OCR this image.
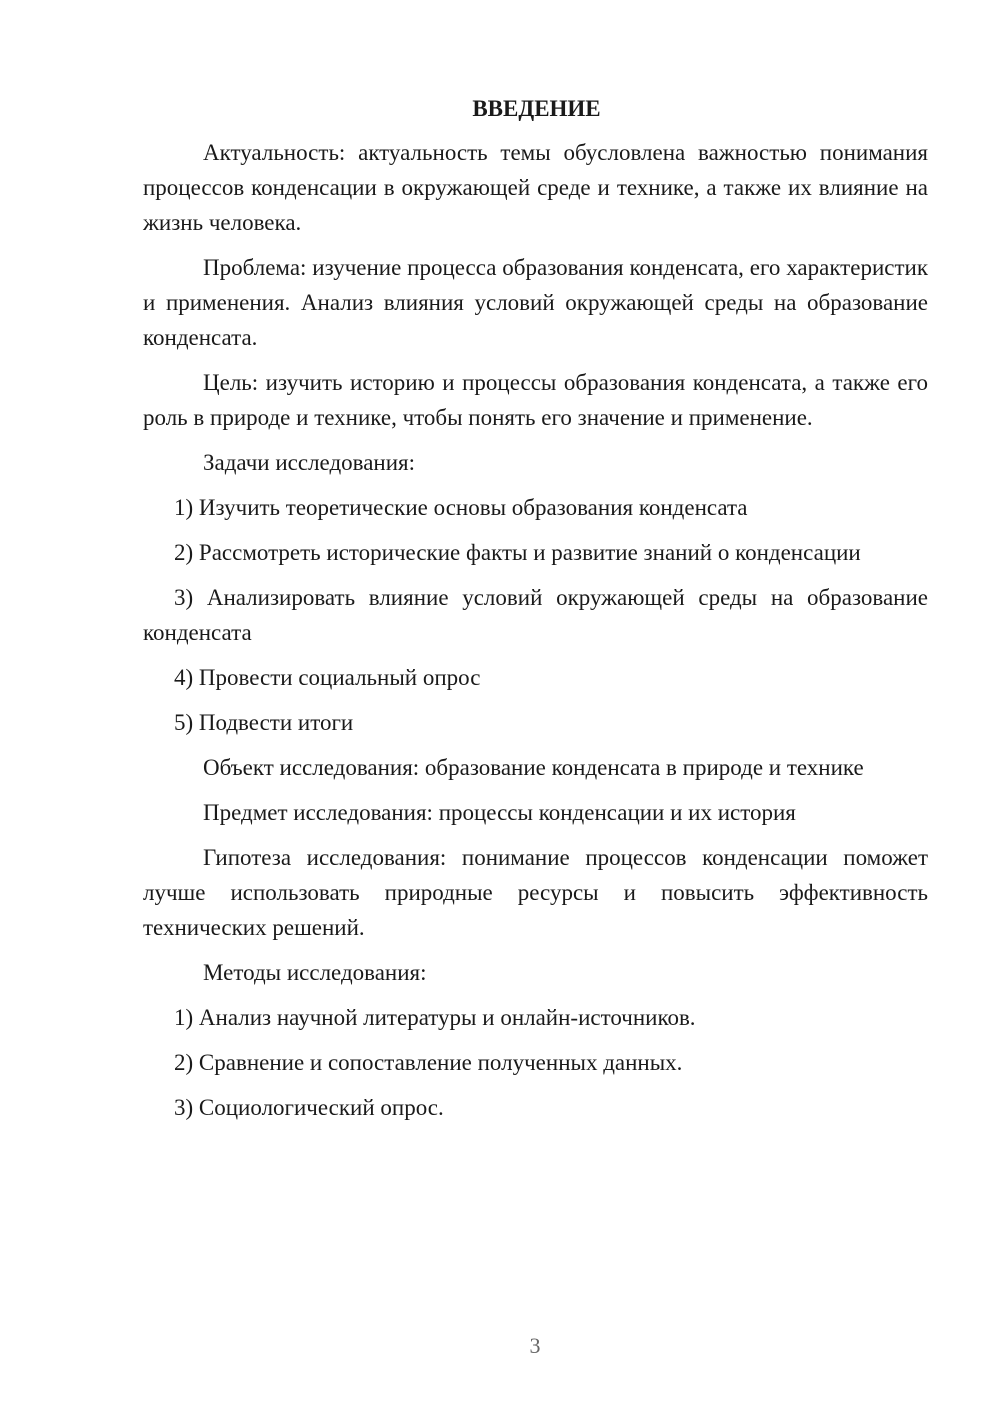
ВВЕДЕНИЕ

Актуальность: актуальность темы обусловлена важностью понимания процессов конденсации в окружающей среде и технике, а также их влияние на жизнь человека.

Проблема: изучение процесса образования конденсата, его характеристик и применения. Анализ влияния условий окружающей среды на образование конденсата.

Цель: изучить историю и процессы образования конденсата, а также его роль в природе и технике, чтобы понять его значение и применение.

Задачи исследования:

1) Изучить теоретические основы образования конденсата

2) Рассмотреть исторические факты и развитие знаний о конденсации

3) Анализировать влияние условий окружающей среды на образование конденсата

4) Провести социальный опрос

5) Подвести итоги

Объект исследования: образование конденсата в природе и технике

Предмет исследования: процессы конденсации и их история

Гипотеза исследования: понимание процессов конденсации поможет лучше использовать природные ресурсы и повысить эффективность технических решений.

Методы исследования:

1) Анализ научной литературы и онлайн-источников.

2) Сравнение и сопоставление полученных данных.

3) Социологический опрос.

3
